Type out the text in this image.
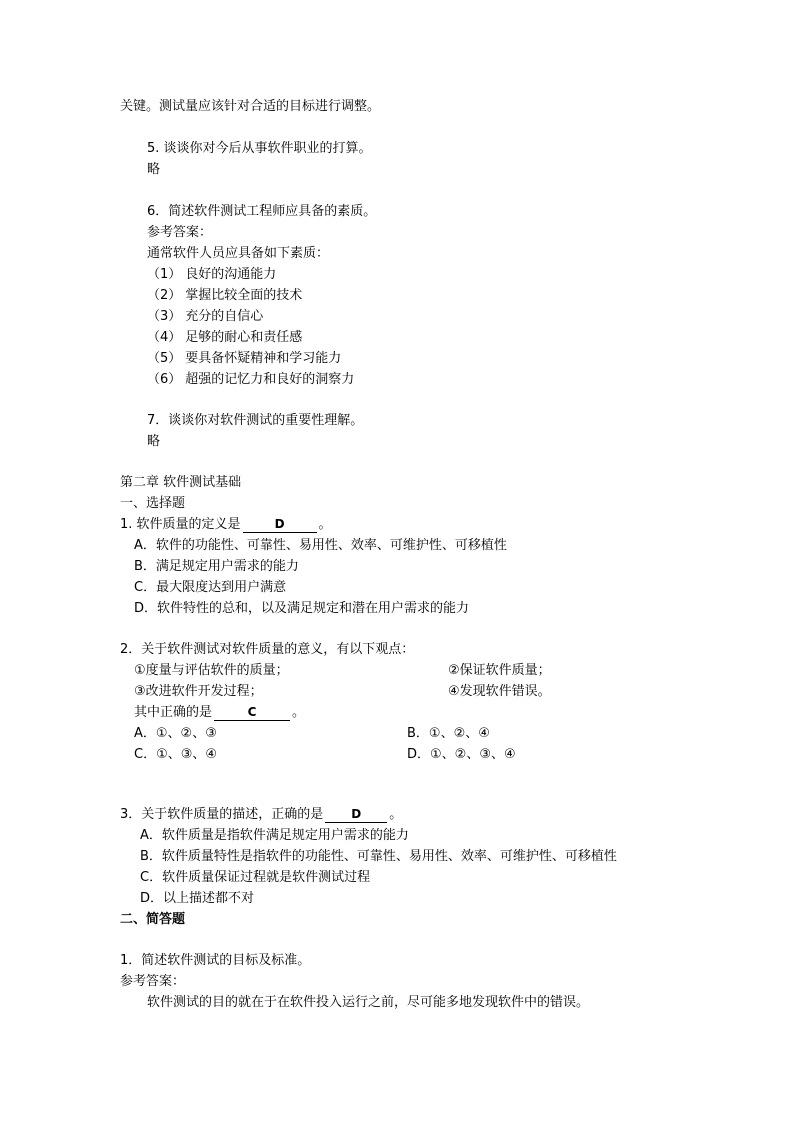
关键。测试量应该针对合适的目标进行调整。
5. 谈谈你对今后从事软件职业的打算。
略
6．简述软件测试工程师应具备的素质。
参考答案：
通常软件人员应具备如下素质：
（1） 良好的沟通能力
（2） 掌握比较全面的技术
（3） 充分的自信心
（4） 足够的耐心和责任感
（5） 要具备怀疑精神和学习能力
（6） 超强的记忆力和良好的洞察力
7．谈谈你对软件测试的重要性理解。
略
第二章 软件测试基础
一、选择题
1. 软件质量的定义是	D	。
A．软件的功能性、可靠性、易用性、效率、可维护性、可移植性
B．满足规定用户需求的能力
C．最大限度达到用户满意
D．软件特性的总和，以及满足规定和潜在用户需求的能力
2．关于软件测试对软件质量的意义，有以下观点：
①度量与评估软件的质量；	②保证软件质量；
③改进软件开发过程；	④发现软件错误。
其中正确的是	C	。
A．①、②、③	B．①、②、④
C．①、③、④	D．①、②、③、④
3．关于软件质量的描述，正确的是 D 。
A．软件质量是指软件满足规定用户需求的能力
B．软件质量特性是指软件的功能性、可靠性、易用性、效率、可维护性、可移植性
C．软件质量保证过程就是软件测试过程
D．以上描述都不对
二、简答题
1．简述软件测试的目标及标准。
参考答案：
软件测试的目的就在于在软件投入运行之前，尽可能多地发现软件中的错误。
